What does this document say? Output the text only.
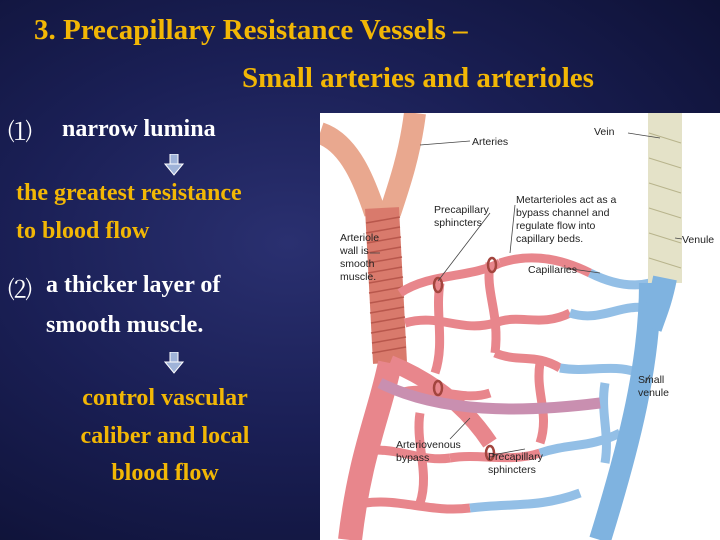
3. Precapillary Resistance Vessels –
Small arteries and arterioles
⑴ narrow lumina
the greatest resistance
to blood flow
⑵ a thicker layer of
smooth muscle.
control vascular
caliber and local
blood flow
Arteries
Vein
Precapillary
sphincters
Metarterioles act as a
bypass channel and
regulate flow into
capillary beds.
Arteriole
wall is
smooth
muscle.
Venule
Capillaries
Small
venule
Arteriovenous
bypass	Precapillary
sphincters
